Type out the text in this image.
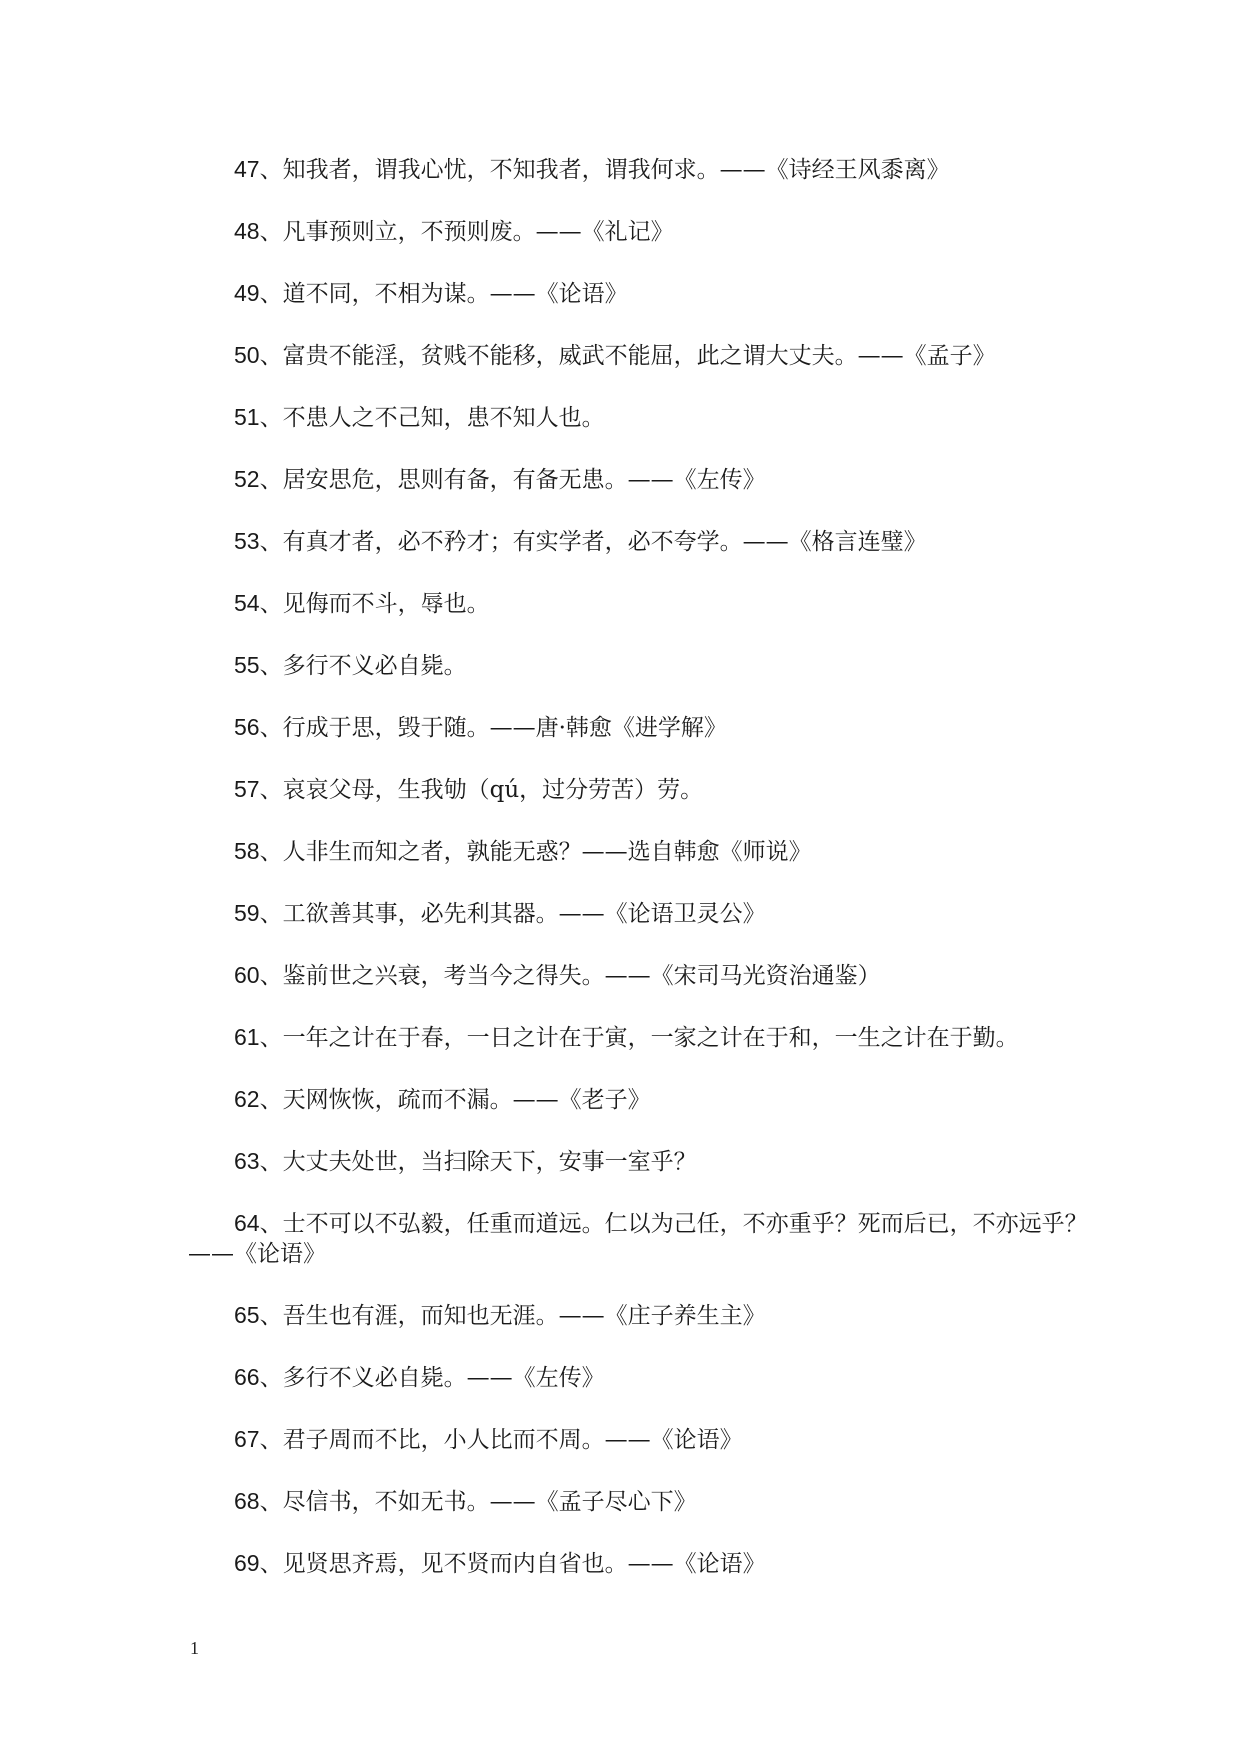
47、知我者，谓我心忧，不知我者，谓我何求。——《诗经王风黍离》
48、凡事预则立，不预则废。——《礼记》
49、道不同，不相为谋。——《论语》
50、富贵不能淫，贫贱不能移，威武不能屈，此之谓大丈夫。——《孟子》
51、不患人之不己知，患不知人也。
52、居安思危，思则有备，有备无患。——《左传》
53、有真才者，必不矜才；有实学者，必不夸学。——《格言连璧》
54、见侮而不斗，辱也。
55、多行不义必自毙。
56、行成于思，毁于随。——唐·韩愈《进学解》
57、哀哀父母，生我劬（qú，过分劳苦）劳。
58、人非生而知之者，孰能无惑？——选自韩愈《师说》
59、工欲善其事，必先利其器。——《论语卫灵公》
60、鉴前世之兴衰，考当今之得失。——《宋司马光资治通鉴）
61、一年之计在于春，一日之计在于寅，一家之计在于和，一生之计在于勤。
62、天网恢恢，疏而不漏。——《老子》
63、大丈夫处世，当扫除天下，安事一室乎？
64、士不可以不弘毅，任重而道远。仁以为己任，不亦重乎？死而后已，不亦远乎？——《论语》
65、吾生也有涯，而知也无涯。——《庄子养生主》
66、多行不义必自毙。——《左传》
67、君子周而不比，小人比而不周。——《论语》
68、尽信书，不如无书。——《孟子尽心下》
69、见贤思齐焉，见不贤而内自省也。——《论语》
1
